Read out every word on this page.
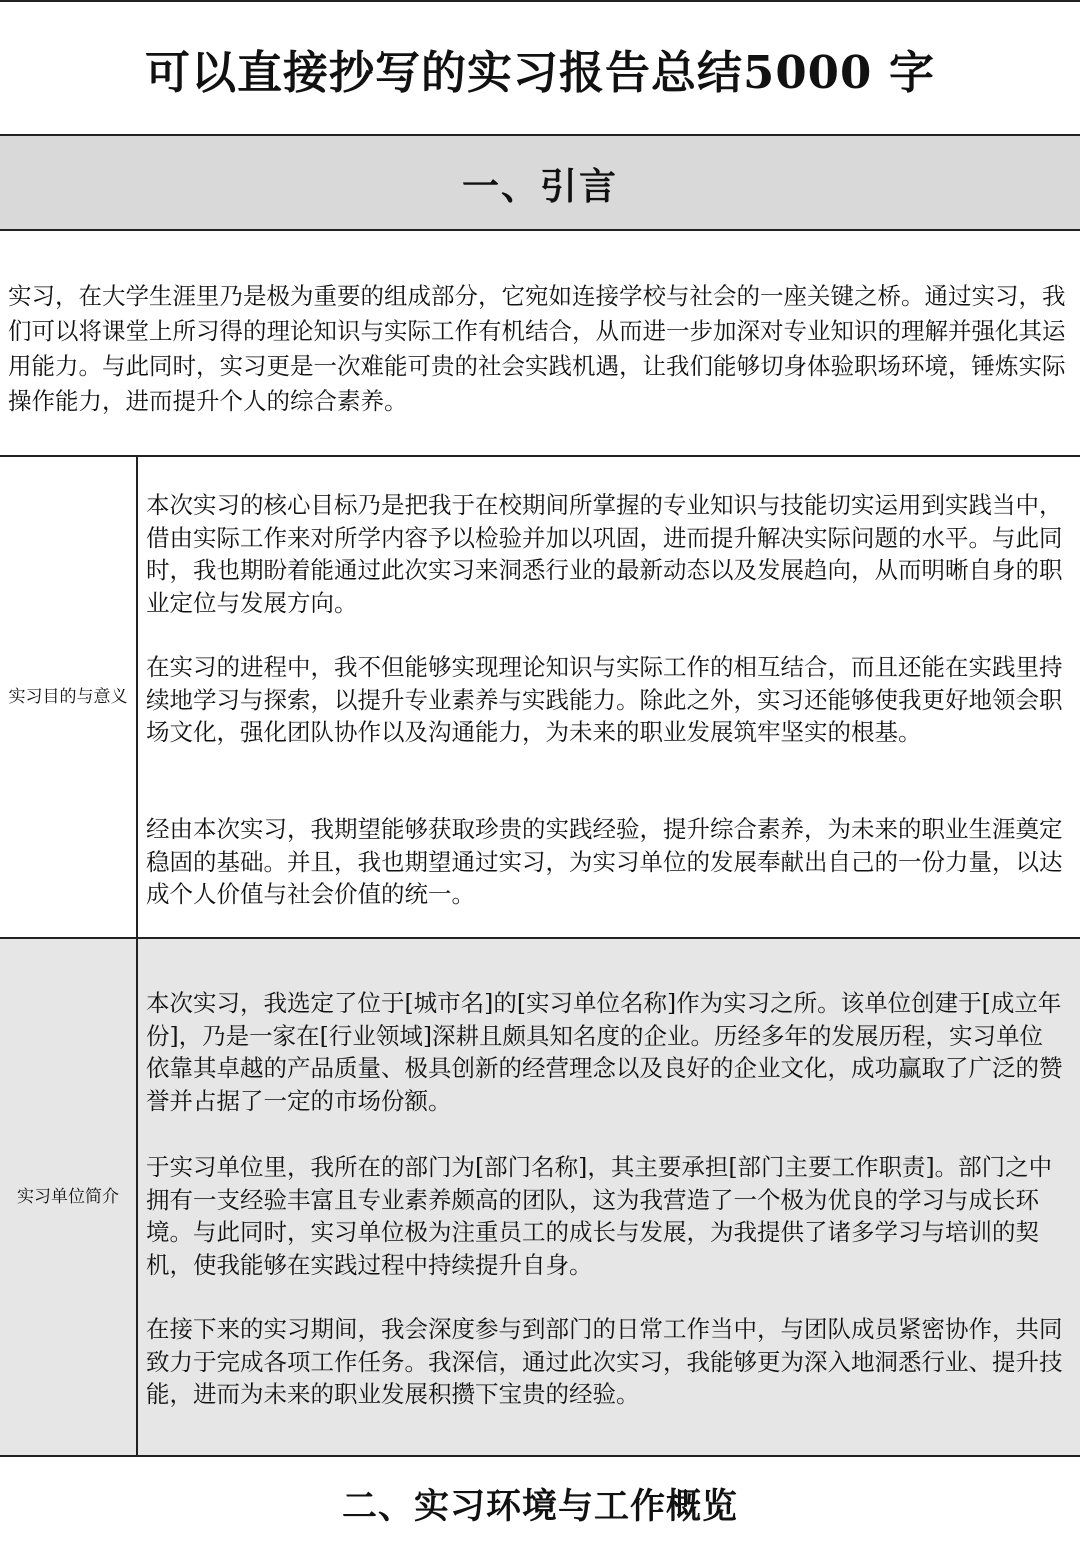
可以直接抄写的实习报告总结5000 字
一、引言

实习，在大学生涯里乃是极为重要的组成部分，它宛如连接学校与社会的一座关键之桥。通过实习，我们可以将课堂上所习得的理论知识与实际工作有机结合，从而进一步加深对专业知识的理解并强化其运用能力。与此同时，实习更是一次难能可贵的社会实践机遇，让我们能够切身体验职场环境，锤炼实际操作能力，进而提升个人的综合素养。

实习目的与意义

本次实习的核心目标乃是把我于在校期间所掌握的专业知识与技能切实运用到实践当中，借由实际工作来对所学内容予以检验并加以巩固，进而提升解决实际问题的水平。与此同时，我也期盼着能通过此次实习来洞悉行业的最新动态以及发展趋向，从而明晰自身的职业定位与发展方向。

在实习的进程中，我不但能够实现理论知识与实际工作的相互结合，而且还能在实践里持续地学习与探索，以提升专业素养与实践能力。除此之外，实习还能够使我更好地领会职场文化，强化团队协作以及沟通能力，为未来的职业发展筑牢坚实的根基。

经由本次实习，我期望能够获取珍贵的实践经验，提升综合素养，为未来的职业生涯奠定稳固的基础。并且，我也期望通过实习，为实习单位的发展奉献出自己的一份力量，以达成个人价值与社会价值的统一。

实习单位简介

本次实习，我选定了位于[城市名]的[实习单位名称]作为实习之所。该单位创建于[成立年份]，乃是一家在[行业领域]深耕且颇具知名度的企业。历经多年的发展历程，实习单位依靠其卓越的产品质量、极具创新的经营理念以及良好的企业文化，成功赢取了广泛的赞誉并占据了一定的市场份额。

于实习单位里，我所在的部门为[部门名称]，其主要承担[部门主要工作职责]。部门之中拥有一支经验丰富且专业素养颇高的团队，这为我营造了一个极为优良的学习与成长环境。与此同时，实习单位极为注重员工的成长与发展，为我提供了诸多学习与培训的契机，使我能够在实践过程中持续提升自身。

在接下来的实习期间，我会深度参与到部门的日常工作当中，与团队成员紧密协作，共同致力于完成各项工作任务。我深信，通过此次实习，我能够更为深入地洞悉行业、提升技能，进而为未来的职业发展积攒下宝贵的经验。

二、实习环境与工作概览
